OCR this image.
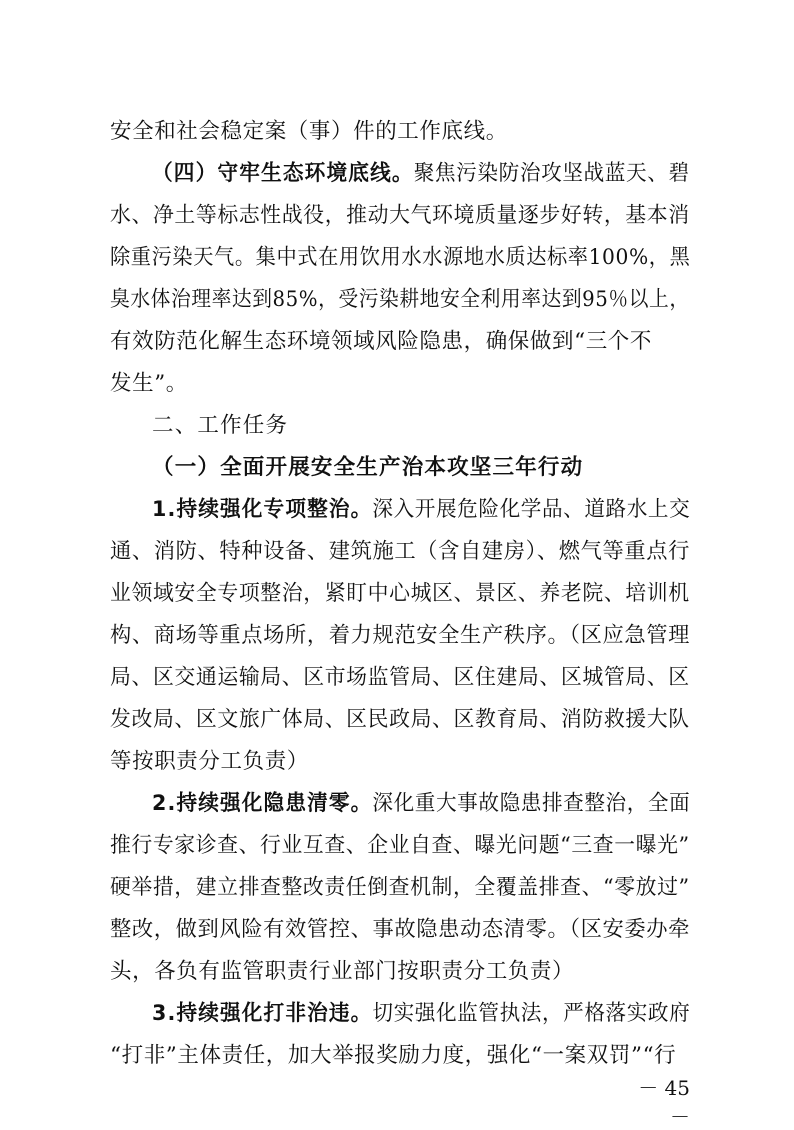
安全和社会稳定案（事）件的工作底线。
（四）守牢生态环境底线。聚焦污染防治攻坚战蓝天、碧
水、净土等标志性战役，推动大气环境质量逐步好转，基本消
除重污染天气。集中式在用饮用水水源地水质达标率100%，黑
臭水体治理率达到85%，受污染耕地安全利用率达到95％以上，
有效防范化解生态环境领域风险隐患，确保做到“三个不
发生”。
二、工作任务
（一）全面开展安全生产治本攻坚三年行动
1.持续强化专项整治。深入开展危险化学品、道路水上交
通、消防、特种设备、建筑施工（含自建房）、燃气等重点行
业领域安全专项整治，紧盯中心城区、景区、养老院、培训机
构、商场等重点场所，着力规范安全生产秩序。（区应急管理
局、区交通运输局、区市场监管局、区住建局、区城管局、区
发改局、区文旅广体局、区民政局、区教育局、消防救援大队
等按职责分工负责）
2.持续强化隐患清零。深化重大事故隐患排查整治，全面
推行专家诊查、行业互查、企业自查、曝光问题“三查一曝光”
硬举措，建立排查整改责任倒查机制，全覆盖排查、“零放过”
整改，做到风险有效管控、事故隐患动态清零。（区安委办牵
头，各负有监管职责行业部门按职责分工负责）
3.持续强化打非治违。切实强化监管执法，严格落实政府
“打非”主体责任，加大举报奖励力度，强化“一案双罚”“行
－ 45 －
